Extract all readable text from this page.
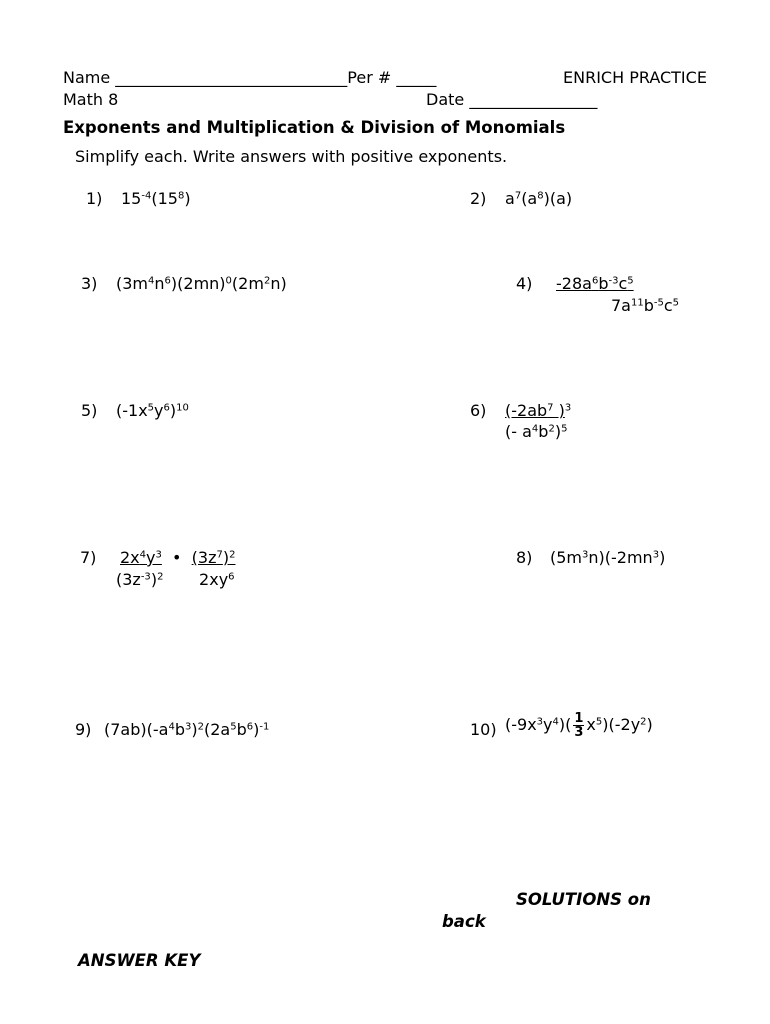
Name _____________________________Per # _____	ENRICH PRACTICE
Math 8	Date ________________
Exponents and Multiplication & Division of Monomials
Simplify each. Write answers with positive exponents.
1) $15^{-4}(15^8)$	2) $a^7(a^8)(a)$
3) $(3m^4n^6)(2mn)^0(2m^2n)$	4) $-28a^6b^{-3}c^5$
$7a^{11}b^{-5}c^5$
5) $(-1x^5y^6)^{10}$	6) ($-2ab^7$ )$^3$
(- $a^4b^2)^5$
7) $2x^4y^3$  •  $(3z^7)^2$
$(3z^{-3})^2$       $2xy^6$
8) $(5m^3n)(-2mn^3)$
9) $(7ab)(-a^4b^3)^2(2a^5b^6)^{-1}$	10) $(-9x^3y^4)( \frac{1}{3} x^5)(-2y^2)$
SOLUTIONS on
back
ANSWER KEY
